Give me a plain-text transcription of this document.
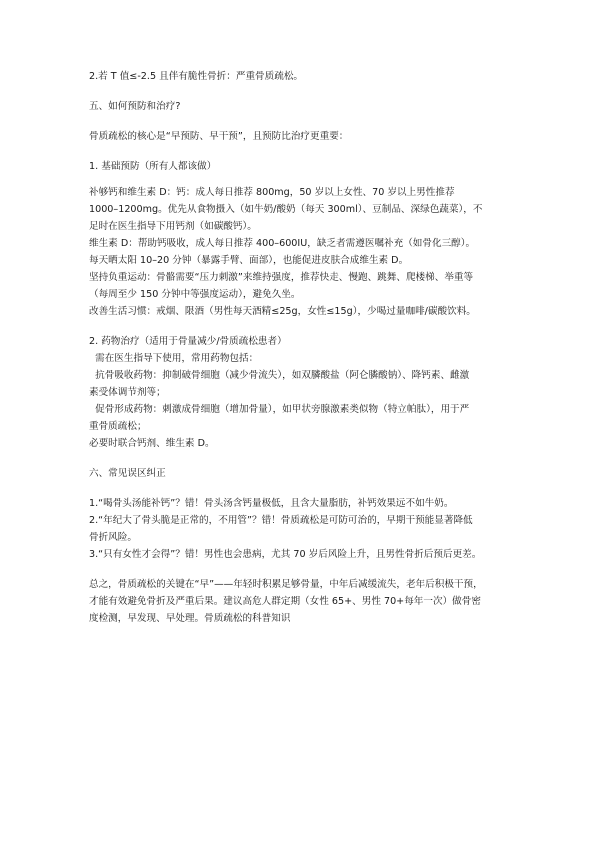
2.若 T 值≤-2.5 且伴有脆性骨折：严重骨质疏松。
五、如何预防和治疗?
骨质疏松的核心是“早预防、早干预”，且预防比治疗更重要：
1. 基础预防（所有人都该做）
补够钙和维生素 D：钙：成人每日推荐 800mg，50 岁以上女性、70 岁以上男性推荐
1000–1200mg。优先从食物摄入（如牛奶/酸奶（每天 300ml）、豆制品、深绿色蔬菜），不
足时在医生指导下用钙剂（如碳酸钙）。
维生素 D：帮助钙吸收，成人每日推荐 400–600IU，缺乏者需遵医嘱补充（如骨化三醇）。
每天晒太阳 10–20 分钟（暴露手臂、面部），也能促进皮肤合成维生素 D。
坚持负重运动：骨骼需要“压力刺激”来维持强度，推荐快走、慢跑、跳舞、爬楼梯、举重等
（每周至少 150 分钟中等强度运动），避免久坐。
改善生活习惯：戒烟、限酒（男性每天酒精≤25g，女性≤15g），少喝过量咖啡/碳酸饮料。
2. 药物治疗（适用于骨量减少/骨质疏松患者）
需在医生指导下使用，常用药物包括：
抗骨吸收药物：抑制破骨细胞（减少骨流失），如双膦酸盐（阿仑膦酸钠）、降钙素、雌激
素受体调节剂等；
促骨形成药物：刺激成骨细胞（增加骨量），如甲状旁腺激素类似物（特立帕肽），用于严
重骨质疏松；
必要时联合钙剂、维生素 D。
六、常见误区纠正
1.“喝骨头汤能补钙”？错！骨头汤含钙量极低，且含大量脂肪，补钙效果远不如牛奶。
2.“年纪大了骨头脆是正常的，不用管”？错！骨质疏松是可防可治的，早期干预能显著降低
骨折风险。
3.“只有女性才会得”？错！男性也会患病，尤其 70 岁后风险上升，且男性骨折后预后更差。
总之，骨质疏松的关键在“早”——年轻时积累足够骨量，中年后减缓流失，老年后积极干预，
才能有效避免骨折及严重后果。建议高危人群定期（女性 65+、男性 70+每年一次）做骨密
度检测，早发现、早处理。骨质疏松的科普知识
